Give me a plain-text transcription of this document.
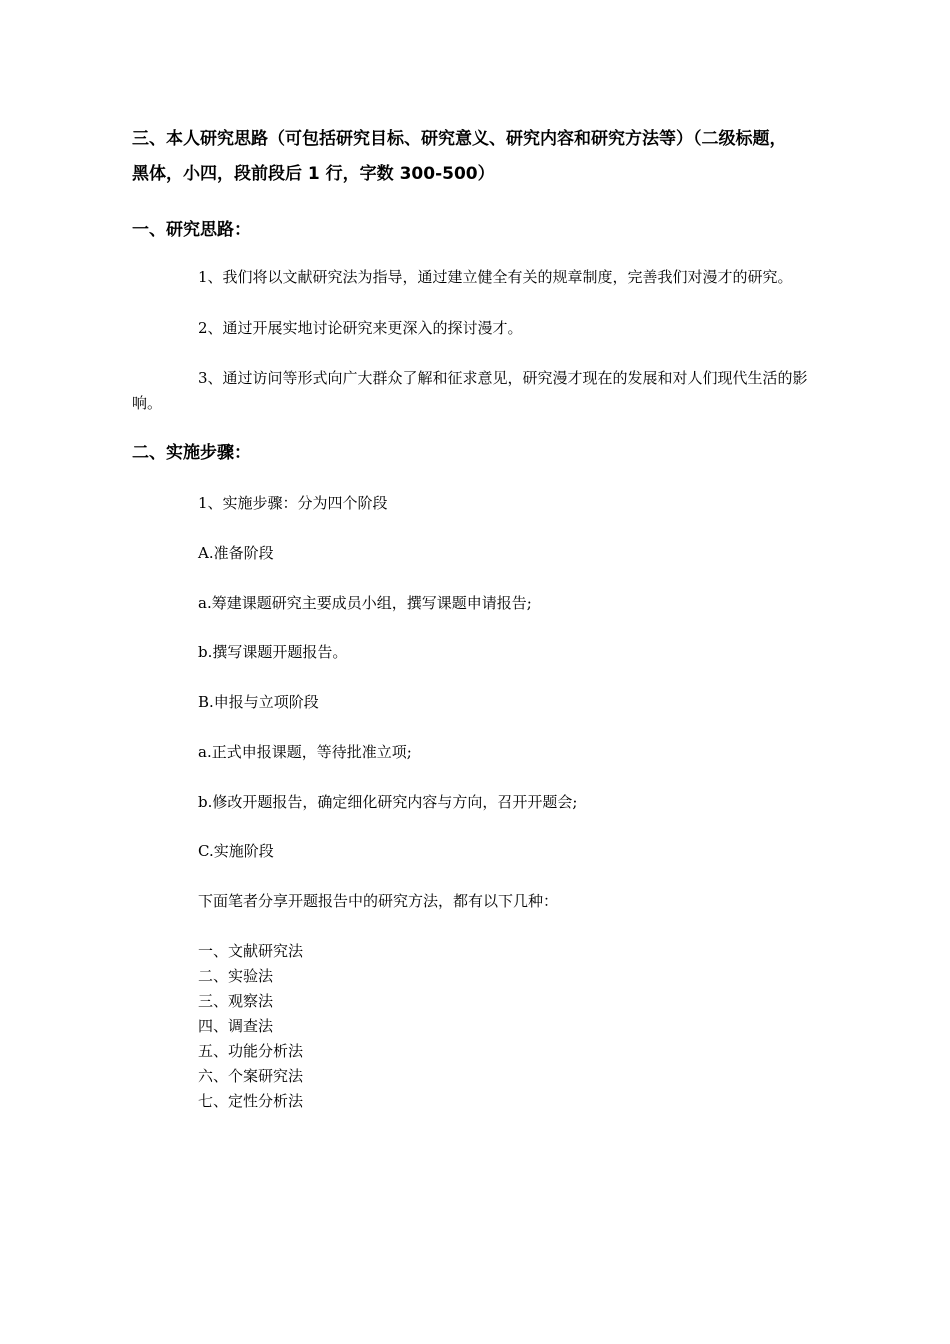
三、本人研究思路（可包括研究目标、研究意义、研究内容和研究方法等）（二级标题，
黑体，小四，段前段后 1 行，字数 300-500）
一、研究思路：
1、我们将以文献研究法为指导，通过建立健全有关的规章制度，完善我们对漫才的研究。
2、通过开展实地讨论研究来更深入的探讨漫才。
3、通过访问等形式向广大群众了解和征求意见，研究漫才现在的发展和对人们现代生活的影响。
二、实施步骤：
1、实施步骤：分为四个阶段
A.准备阶段
a.筹建课题研究主要成员小组，撰写课题申请报告;
b.撰写课题开题报告。
B.申报与立项阶段
a.正式申报课题，等待批准立项;
b.修改开题报告，确定细化研究内容与方向，召开开题会;
C.实施阶段
下面笔者分享开题报告中的研究方法，都有以下几种：
一、文献研究法
二、实验法
三、观察法
四、调查法
五、功能分析法
六、个案研究法
七、定性分析法
